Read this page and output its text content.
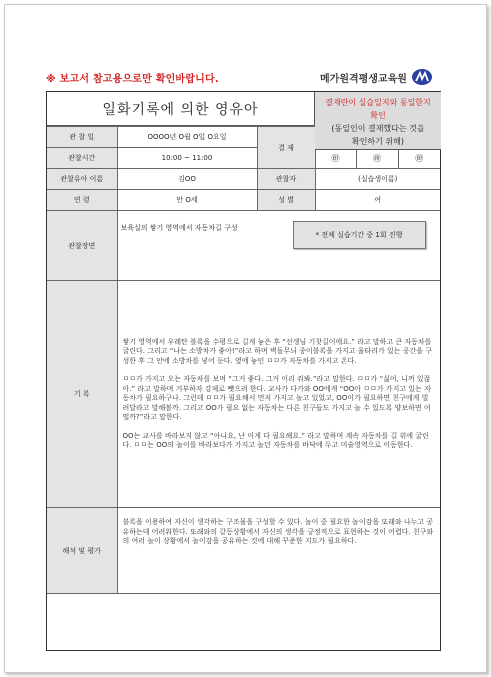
※ 보고서 참고용으로만 확인바랍니다.	메가원격평생교육원
일화기록에 의한 영유아	결재란이 실습일지와 동일한지
확인
(동일인이 결재했다는 것을
확인하기 위해)
관 찰 일	OOOO년 O월 O일 O요일	결 재			
관찰시간	10:00 ~ 11:00		㊞	㊞	㊞
관찰유아 이름	김OO	관찰자	(실습생이름)		
연 령	만 O세	성 별	여		
관찰장면	보육실의 쌓기 영역에서 자동차길 구성
* 전체 실습기간 중 1회 진행				

기 록	쌓기 영역에서 우레탄 블록을 수평으로 길게 놓은 후 “선생님 기찻길이에요.” 라고 말하고 큰 자동차를 굴린다. 그리고 “나는 소방차가 좋아!”라고 하며 벽돌무늬 종이블록을 가지고 울타리가 있는 공간을 구성한 후 그 안에 소방차를 넣어 둔다. 옆에 놓인 ㅁㅁ가 자동차를 가지고 온다.

ㅁㅁ가 가지고 오는 자동차를 보며 “그거 좋다. 그거 이리 줘봐.”라고 말한다. ㅁㅁ가 “싫어, 니꺼 있잖아.” 라고 말하며 거부하자 강제로 뺏으려 한다. 교사가 다가와 OO에게 “OO아 ㅁㅁ가 가지고 있는 자동차가 필요하구나. 그런데 ㅁㅁ가 필요해서 먼저 가지고 놀고 있었고, OO이가 필요하면 친구에게 빌려달라고 말해볼까. 그리고 OO가 필요 없는 자동차는 다른 친구들도 가지고 놀 수 있도록 양보하면 어떨까?”라고 말한다.

OO는 교사를 바라보지 않고 “아니요, 난 이게 다 필요해요.” 라고 말하며 계속 자동차를 길 위에 굴린다. ㅁㅁ는 OO의 놀이를 바라보다가 가지고 놀던 자동차를 바닥에 두고 미술영역으로 이동한다.				

해석 및 평가	블록을 이용하여 자신이 생각하는 구조물을 구성할 수 있다. 놀이 중 필요한 놀이감을 또래와 나누고 공유하는데 어려워한다. 또래와의 갈등상황에서 자신의 생각을 긍정적으로 표현하는 것이 어렵다. 친구와의 여러 놀이 상황에서 놀이감을 공유하는 것에 대해 꾸준한 지도가 필요하다.				
